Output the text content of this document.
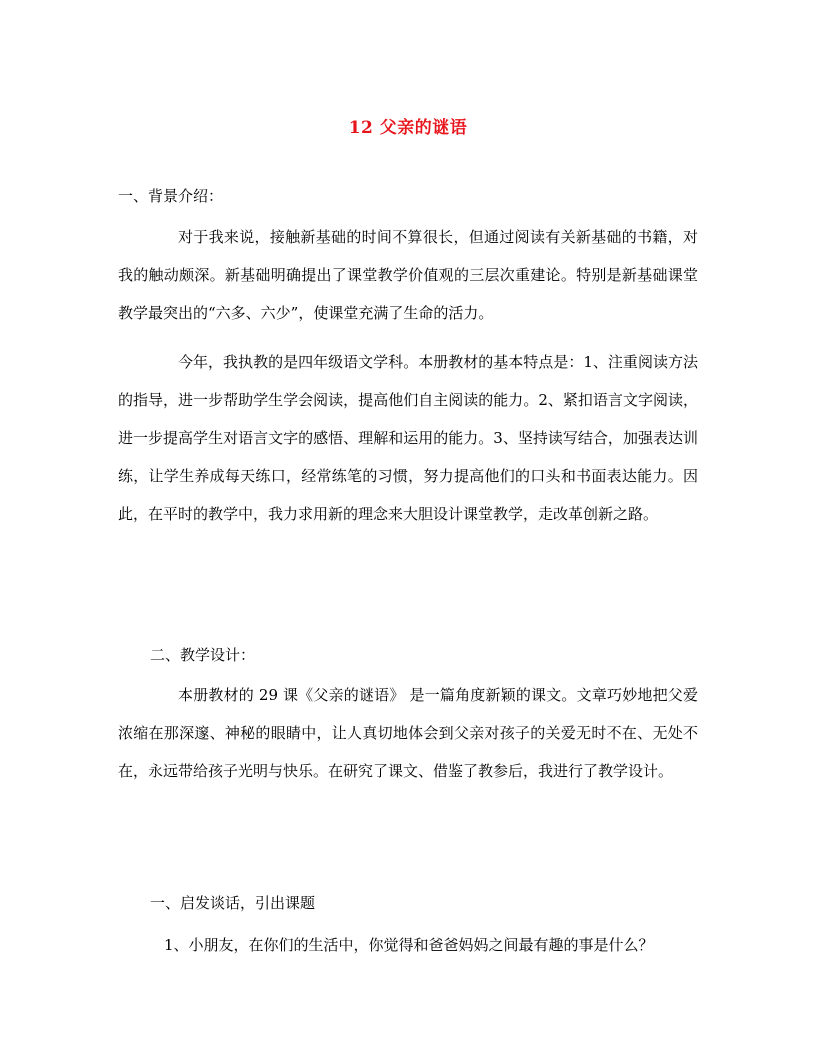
12 父亲的谜语
一、背景介绍：
对于我来说，接触新基础的时间不算很长，但通过阅读有关新基础的书籍，对我的触动颇深。新基础明确提出了课堂教学价值观的三层次重建论。特别是新基础课堂教学最突出的“六多、六少”，使课堂充满了生命的活力。
今年，我执教的是四年级语文学科。本册教材的基本特点是：1、注重阅读方法的指导，进一步帮助学生学会阅读，提高他们自主阅读的能力。2、紧扣语言文字阅读，进一步提高学生对语言文字的感悟、理解和运用的能力。3、坚持读写结合，加强表达训练，让学生养成每天练口，经常练笔的习惯，努力提高他们的口头和书面表达能力。因此，在平时的教学中，我力求用新的理念来大胆设计课堂教学，走改革创新之路。
二、教学设计：
本册教材的 29 课《父亲的谜语》 是一篇角度新颖的课文。文章巧妙地把父爱浓缩在那深邃、神秘的眼睛中，让人真切地体会到父亲对孩子的关爱无时不在、无处不在，永远带给孩子光明与快乐。在研究了课文、借鉴了教参后，我进行了教学设计。
一、启发谈话，引出课题
1、小朋友，在你们的生活中，你觉得和爸爸妈妈之间最有趣的事是什么？
